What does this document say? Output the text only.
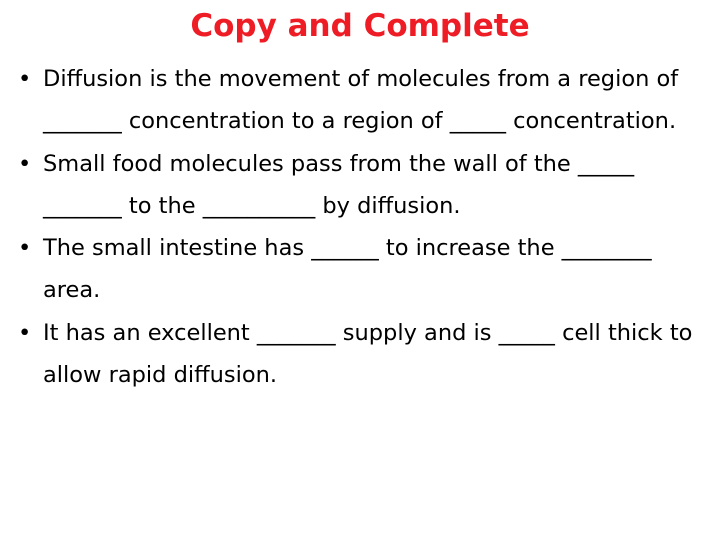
Copy and Complete
• Diffusion is the movement of molecules from a region of _______ concentration to a region of _____ concentration.
• Small food molecules pass from the wall of the _____ _______ to the __________ by diffusion.
• The small intestine has ______ to increase the ________ area.
• It has an excellent _______ supply and is _____ cell thick to allow rapid diffusion.
